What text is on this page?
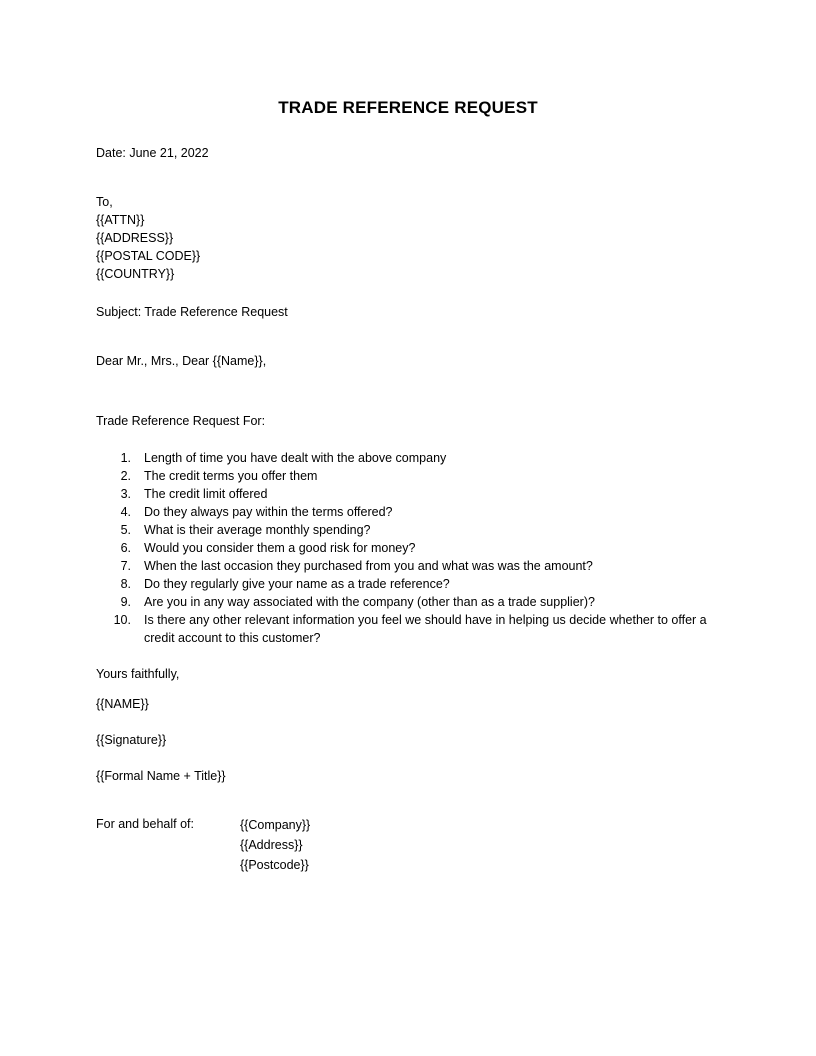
TRADE REFERENCE REQUEST
Date: June 21, 2022
To,
{{ATTN}}
{{ADDRESS}}
{{POSTAL CODE}}
{{COUNTRY}}
Subject: Trade Reference Request
Dear Mr., Mrs., Dear {{Name}},
Trade Reference Request For:
1. Length of time you have dealt with the above company
2. The credit terms you offer them
3. The credit limit offered
4. Do they always pay within the terms offered?
5. What is their average monthly spending?
6. Would you consider them a good risk for money?
7. When the last occasion they purchased from you and what was was the amount?
8. Do they regularly give your name as a trade reference?
9. Are you in any way associated with the company (other than as a trade supplier)?
10. Is there any other relevant information you feel we should have in helping us decide whether to offer a credit account to this customer?
Yours faithfully,
{{NAME}}
{{Signature}}
{{Formal Name + Title}}
For and behalf of:	{{Company}}
{{Address}}
{{Postcode}}
